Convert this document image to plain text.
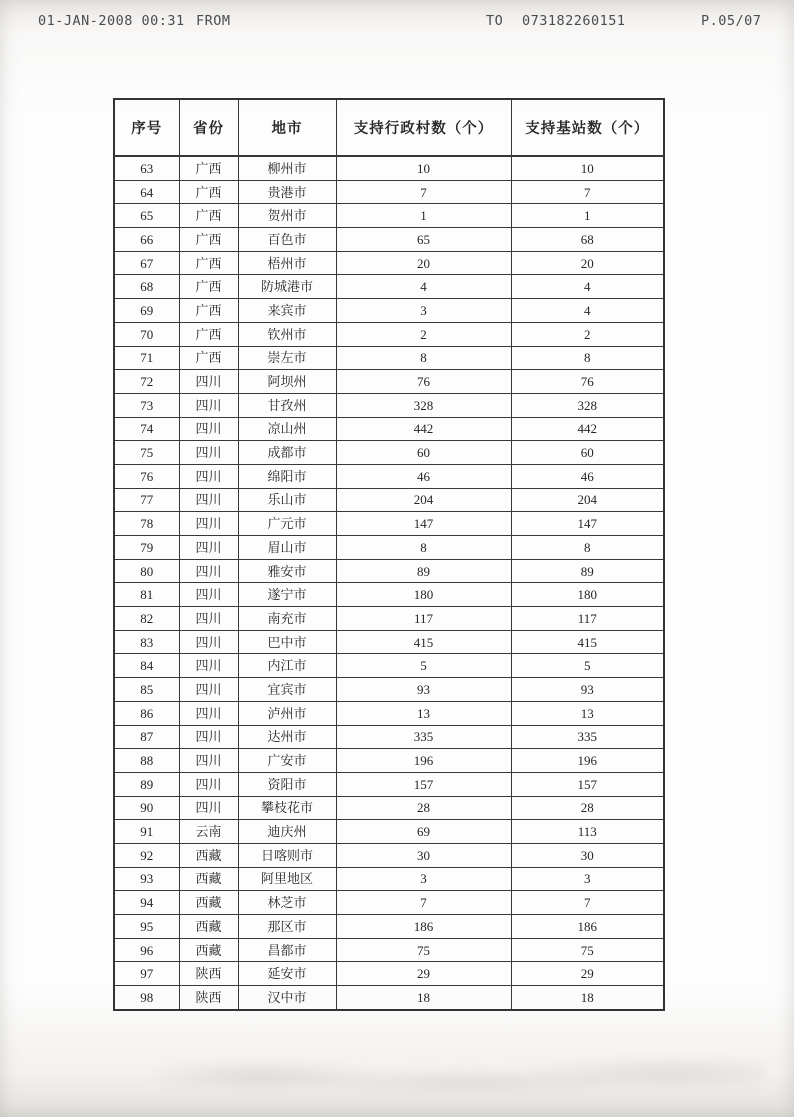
01-JAN-2008 00:31 FROM	TO 073182260151	P.05/07
序号	省份	地市	支持行政村数（个）	支持基站数（个）
63	广西	柳州市	10	10
64	广西	贵港市	7	7
65	广西	贺州市	1	1
66	广西	百色市	65	68
67	广西	梧州市	20	20
68	广西	防城港市	4	4
69	广西	来宾市	3	4
70	广西	钦州市	2	2
71	广西	崇左市	8	8
72	四川	阿坝州	76	76
73	四川	甘孜州	328	328
74	四川	凉山州	442	442
75	四川	成都市	60	60
76	四川	绵阳市	46	46
77	四川	乐山市	204	204
78	四川	广元市	147	147
79	四川	眉山市	8	8
80	四川	雅安市	89	89
81	四川	遂宁市	180	180
82	四川	南充市	117	117
83	四川	巴中市	415	415
84	四川	内江市	5	5
85	四川	宜宾市	93	93
86	四川	泸州市	13	13
87	四川	达州市	335	335
88	四川	广安市	196	196
89	四川	资阳市	157	157
90	四川	攀枝花市	28	28
91	云南	迪庆州	69	113
92	西藏	日喀则市	30	30
93	西藏	阿里地区	3	3
94	西藏	林芝市	7	7
95	西藏	那区市	186	186
96	西藏	昌都市	75	75
97	陕西	延安市	29	29
98	陕西	汉中市	18	18
